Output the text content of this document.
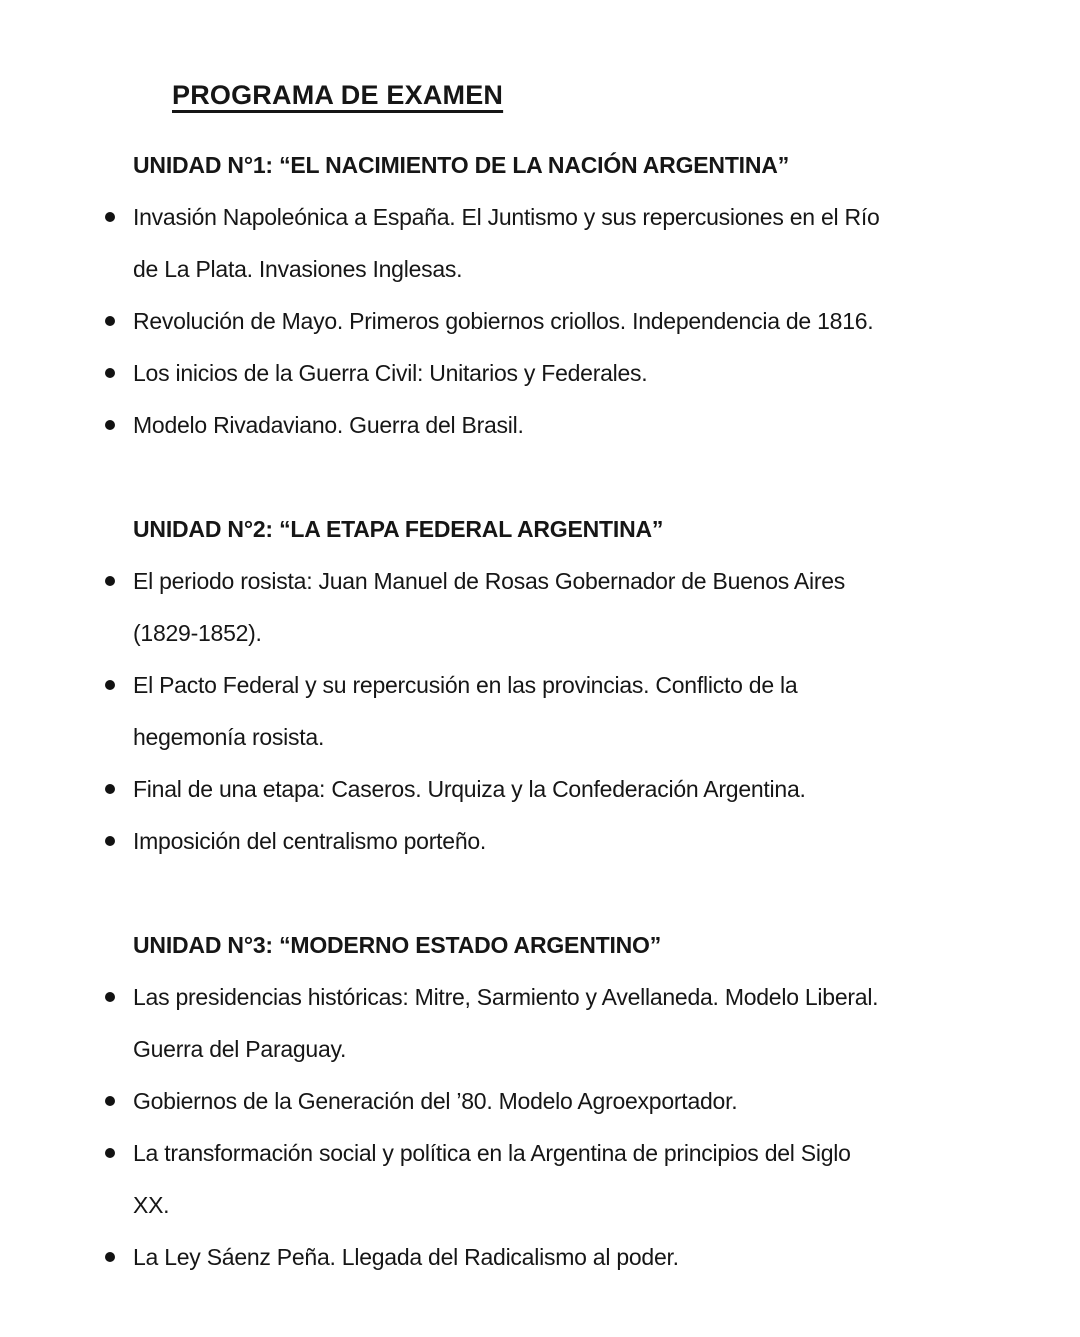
PROGRAMA DE EXAMEN
UNIDAD N°1: “EL NACIMIENTO DE LA NACIÓN ARGENTINA”
Invasión Napoleónica a España. El Juntismo y sus repercusiones en el Río
de La Plata. Invasiones Inglesas.
Revolución de Mayo. Primeros gobiernos criollos. Independencia de 1816.
Los inicios de la Guerra Civil: Unitarios y Federales.
Modelo Rivadaviano. Guerra del Brasil.
UNIDAD N°2: “LA ETAPA FEDERAL ARGENTINA”
El periodo rosista: Juan Manuel de Rosas Gobernador de Buenos Aires
(1829-1852).
El Pacto Federal y su repercusión en las provincias. Conflicto de la
hegemonía rosista.
Final de una etapa: Caseros. Urquiza y la Confederación Argentina.
Imposición del centralismo porteño.
UNIDAD N°3: “MODERNO ESTADO ARGENTINO”
Las presidencias históricas: Mitre, Sarmiento y Avellaneda. Modelo Liberal.
Guerra del Paraguay.
Gobiernos de la Generación del ’80. Modelo Agroexportador.
La transformación social y política en la Argentina de principios del Siglo
XX.
La Ley Sáenz Peña. Llegada del Radicalismo al poder.
